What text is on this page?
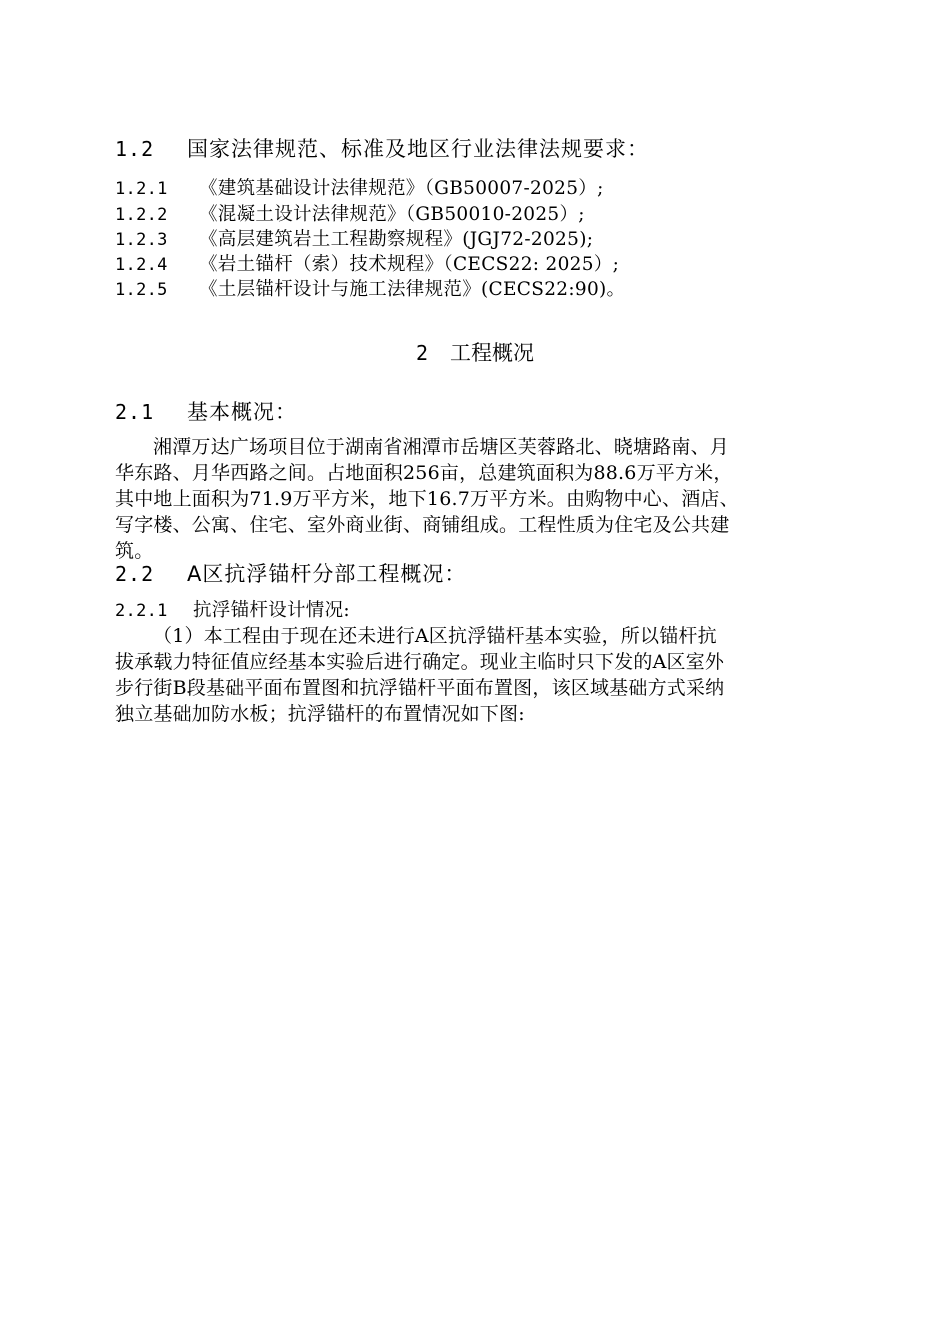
1.2 国家法律规范、标准及地区行业法律法规要求：
1.2.1 《建筑基础设计法律规范》（GB50007-2025）;
1.2.2 《混凝土设计法律规范》（GB50010-2025）;
1.2.3 《高层建筑岩土工程勘察规程》(JGJ72-2025);
1.2.4 《岩土锚杆（索）技术规程》（CECS22: 2025）;
1.2.5 《土层锚杆设计与施工法律规范》(CECS22:90)。
2 工程概况
2.1 基本概况：
湘潭万达广场项目位于湖南省湘潭市岳塘区芙蓉路北、晓塘路南、月
华东路、月华西路之间。占地面积256亩，总建筑面积为88.6万平方米，
其中地上面积为71.9万平方米，地下16.7万平方米。由购物中心、酒店、
写字楼、公寓、住宅、室外商业街、商铺组成。工程性质为住宅及公共建
筑。
2.2 A区抗浮锚杆分部工程概况：
2.2.1 抗浮锚杆设计情况:
（1）本工程由于现在还未进行A区抗浮锚杆基本实验，所以锚杆抗
拔承载力特征值应经基本实验后进行确定。现业主临时只下发的A区室外
步行街B段基础平面布置图和抗浮锚杆平面布置图，该区域基础方式采纳
独立基础加防水板；抗浮锚杆的布置情况如下图:
